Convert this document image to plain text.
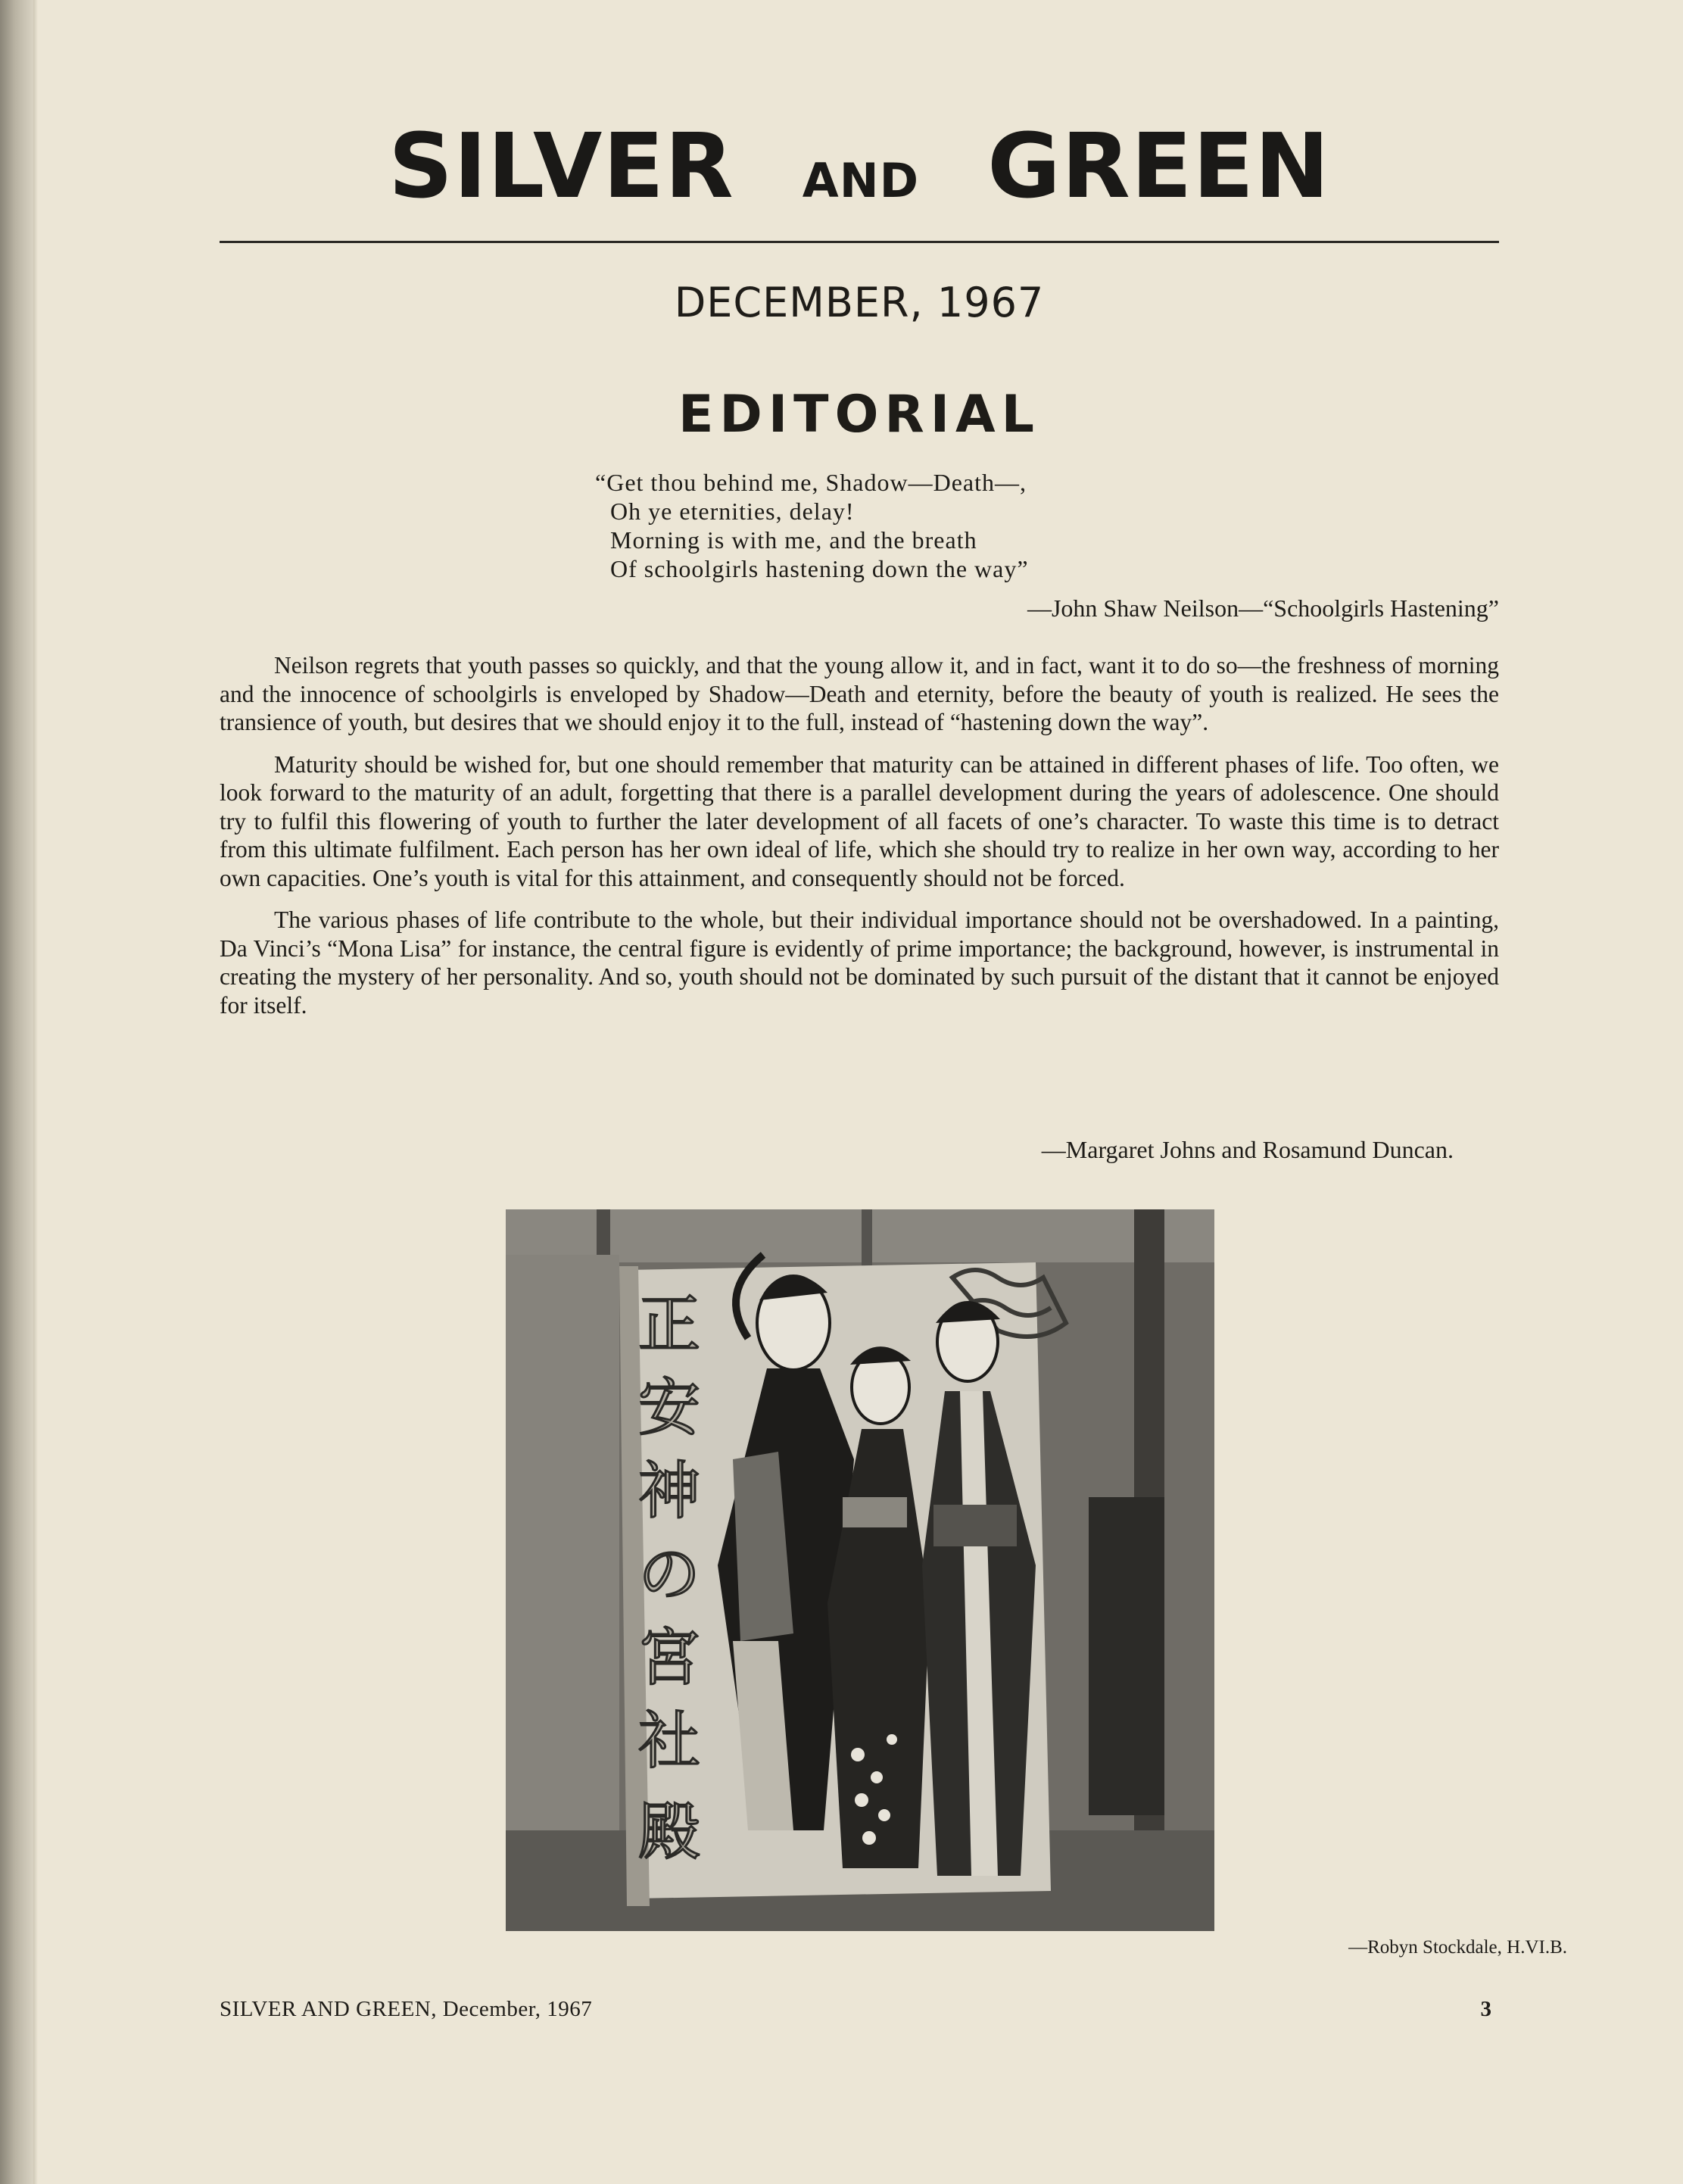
SILVER AND GREEN
DECEMBER, 1967
EDITORIAL
“Get thou behind me, Shadow—Death—,
Oh ye eternities, delay!
Morning is with me, and the breath
Of schoolgirls hastening down the way”
—John Shaw Neilson—“Schoolgirls Hastening”

Neilson regrets that youth passes so quickly, and that the young allow it, and in fact, want it to do so—the freshness of morning and the innocence of schoolgirls is enveloped by Shadow—Death and eternity, before the beauty of youth is realized. He sees the transience of youth, but desires that we should enjoy it to the full, instead of “hastening down the way”.

Maturity should be wished for, but one should remember that maturity can be attained in different phases of life. Too often, we look forward to the maturity of an adult, forgetting that there is a parallel development during the years of adolescence. One should try to fulfil this flowering of youth to further the later development of all facets of one’s character. To waste this time is to detract from this ultimate fulfilment. Each person has her own ideal of life, which she should try to realize in her own way, according to her own capacities. One’s youth is vital for this attainment, and consequently should not be forced.

The various phases of life contribute to the whole, but their individual importance should not be overshadowed. In a painting, Da Vinci’s “Mona Lisa” for instance, the central figure is evidently of prime importance; the background, however, is instrumental in creating the mystery of her personality. And so, youth should not be dominated by such pursuit of the distant that it cannot be enjoyed for itself.

—Margaret Johns and Rosamund Duncan.
正
安
神
の
宮
社
殿
—Robyn Stockdale, H.VI.B.
SILVER AND GREEN, December, 1967	3
